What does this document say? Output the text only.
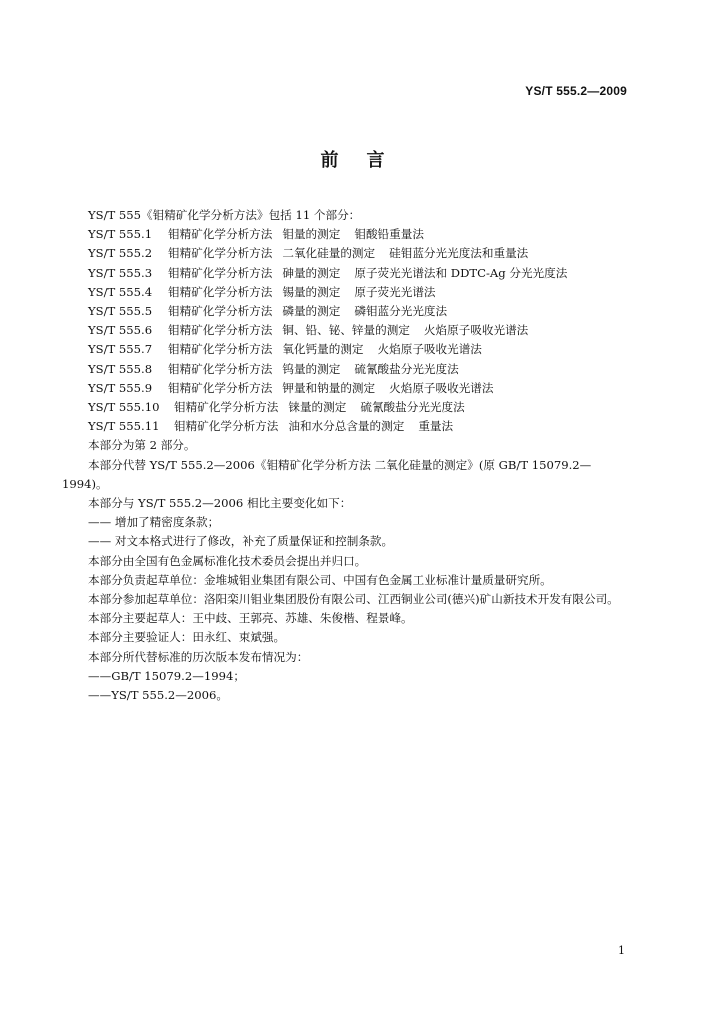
YS/T 555.2—2009
前言
YS/T 555《钼精矿化学分析方法》包括 11 个部分：
YS/T 555.1 钼精矿化学分析方法 钼量的测定 钼酸铅重量法
YS/T 555.2 钼精矿化学分析方法 二氧化硅量的测定 硅钼蓝分光光度法和重量法
YS/T 555.3 钼精矿化学分析方法 砷量的测定 原子荧光光谱法和 DDTC-Ag 分光光度法
YS/T 555.4 钼精矿化学分析方法 锡量的测定 原子荧光光谱法
YS/T 555.5 钼精矿化学分析方法 磷量的测定 磷钼蓝分光光度法
YS/T 555.6 钼精矿化学分析方法 铜、铅、铋、锌量的测定 火焰原子吸收光谱法
YS/T 555.7 钼精矿化学分析方法 氧化钙量的测定 火焰原子吸收光谱法
YS/T 555.8 钼精矿化学分析方法 钨量的测定 硫氰酸盐分光光度法
YS/T 555.9 钼精矿化学分析方法 钾量和钠量的测定 火焰原子吸收光谱法
YS/T 555.10 钼精矿化学分析方法 铼量的测定 硫氰酸盐分光光度法
YS/T 555.11 钼精矿化学分析方法 油和水分总含量的测定 重量法
本部分为第 2 部分。
本部分代替 YS/T 555.2—2006《钼精矿化学分析方法 二氧化硅量的测定》(原 GB/T 15079.2—1994)。
本部分与 YS/T 555.2—2006 相比主要变化如下：
—— 增加了精密度条款；
—— 对文本格式进行了修改，补充了质量保证和控制条款。
本部分由全国有色金属标准化技术委员会提出并归口。
本部分负责起草单位：金堆城钼业集团有限公司、中国有色金属工业标准计量质量研究所。
本部分参加起草单位：洛阳栾川钼业集团股份有限公司、江西铜业公司(德兴)矿山新技术开发有限公司。
本部分主要起草人：王中歧、王郭亮、苏雄、朱俊楷、程景峰。
本部分主要验证人：田永红、束斌强。
本部分所代替标准的历次版本发布情况为：
——GB/T 15079.2—1994；
——YS/T 555.2—2006。
1
